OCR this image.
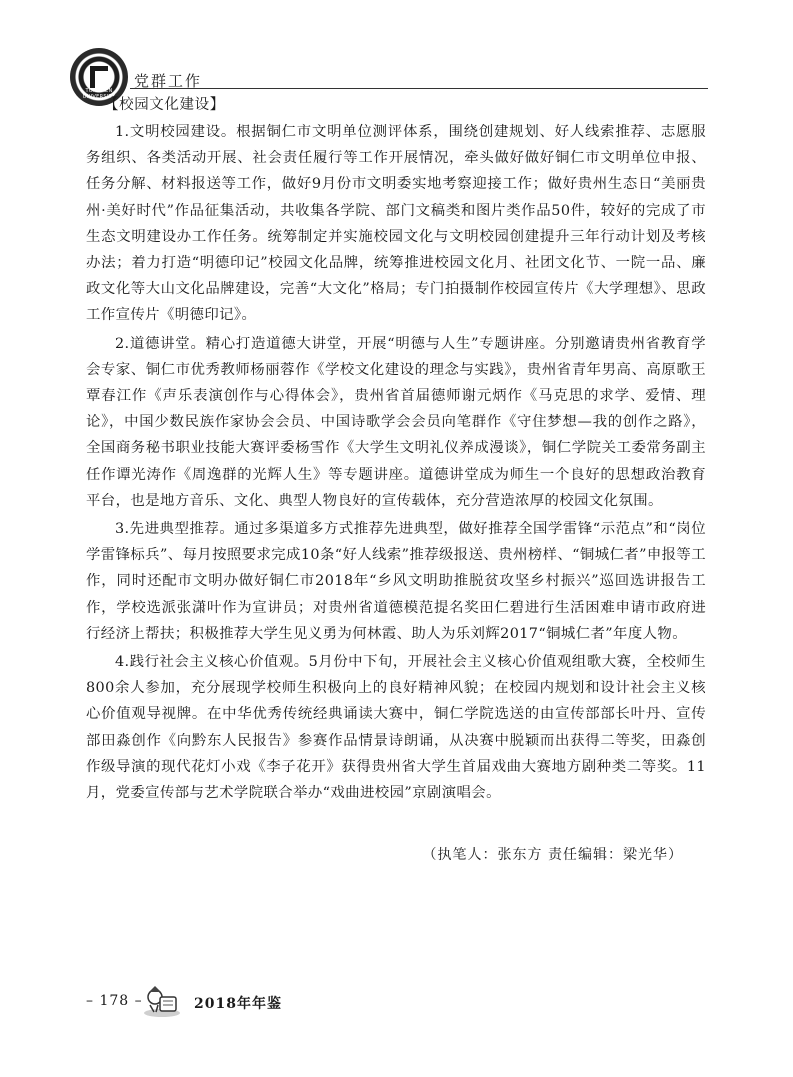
TONGREN UNIVERSITY
党群工作

【校园文化建设】

1.文明校园建设。根据铜仁市文明单位测评体系，围绕创建规划、好人线索推荐、志愿服务组织、各类活动开展、社会责任履行等工作开展情况，牵头做好做好铜仁市文明单位申报、任务分解、材料报送等工作，做好9月份市文明委实地考察迎接工作；做好贵州生态日“美丽贵州·美好时代”作品征集活动，共收集各学院、部门文稿类和图片类作品50件，较好的完成了市生态文明建设办工作任务。统筹制定并实施校园文化与文明校园创建提升三年行动计划及考核办法；着力打造“明德印记”校园文化品牌，统筹推进校园文化月、社团文化节、一院一品、廉政文化等大山文化品牌建设，完善“大文化”格局；专门拍摄制作校园宣传片《大学理想》、思政工作宣传片《明德印记》。

2.道德讲堂。精心打造道德大讲堂，开展“明德与人生”专题讲座。分别邀请贵州省教育学会专家、铜仁市优秀教师杨丽蓉作《学校文化建设的理念与实践》，贵州省青年男高、高原歌王覃春江作《声乐表演创作与心得体会》，贵州省首届德师谢元炳作《马克思的求学、爱情、理论》，中国少数民族作家协会会员、中国诗歌学会会员向笔群作《守住梦想—我的创作之路》，全国商务秘书职业技能大赛评委杨雪作《大学生文明礼仪养成漫谈》，铜仁学院关工委常务副主任作谭光涛作《周逸群的光辉人生》等专题讲座。道德讲堂成为师生一个良好的思想政治教育平台，也是地方音乐、文化、典型人物良好的宣传载体，充分营造浓厚的校园文化氛围。

3.先进典型推荐。通过多渠道多方式推荐先进典型，做好推荐全国学雷锋“示范点”和“岗位学雷锋标兵”、每月按照要求完成10条“好人线索”推荐级报送、贵州榜样、“铜城仁者”申报等工作，同时还配市文明办做好铜仁市2018年“乡风文明助推脱贫攻坚乡村振兴”巡回选讲报告工作，学校选派张潇叶作为宣讲员；对贵州省道德模范提名奖田仁碧进行生活困难申请市政府进行经济上帮扶；积极推荐大学生见义勇为何林霞、助人为乐刘辉2017“铜城仁者”年度人物。

4.践行社会主义核心价值观。5月份中下旬，开展社会主义核心价值观组歌大赛，全校师生800余人参加，充分展现学校师生积极向上的良好精神风貌；在校园内规划和设计社会主义核心价值观导视牌。在中华优秀传统经典诵读大赛中，铜仁学院选送的由宣传部部长叶丹、宣传部田淼创作《向黔东人民报告》参赛作品情景诗朗诵，从决赛中脱颖而出获得二等奖，田淼创作级导演的现代花灯小戏《李子花开》获得贵州省大学生首届戏曲大赛地方剧种类二等奖。11月，党委宣传部与艺术学院联合举办“戏曲进校园”京剧演唱会。

（执笔人：张东方 责任编辑：梁光华）
– 178 –	2018年年鉴
